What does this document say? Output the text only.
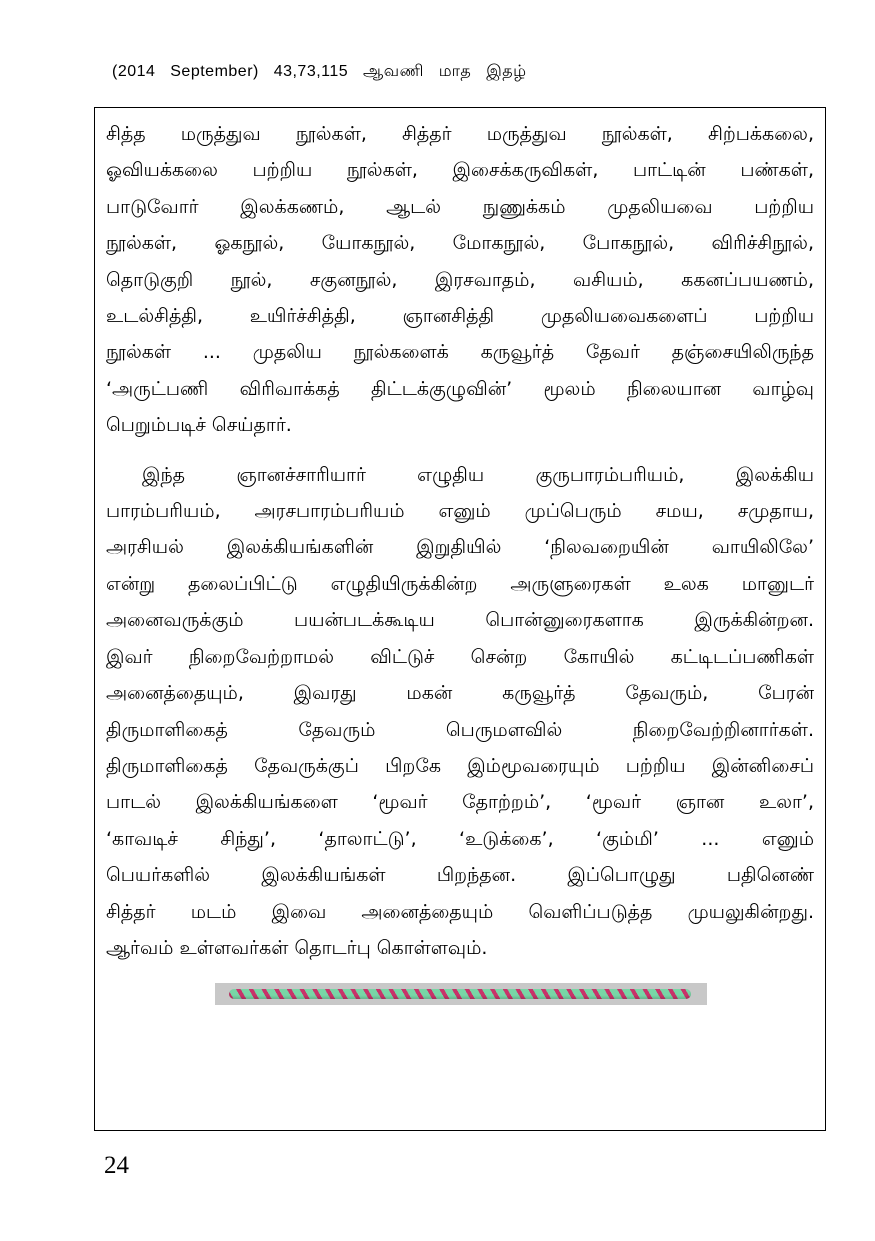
(2014   September)   43,73,115   ஆவணி   மாத   இதழ்

சித்த மருத்துவ நூல்கள், சித்தர் மருத்துவ நூல்கள், சிற்பக்கலை,

ஓவியக்கலை பற்றிய நூல்கள், இசைக்கருவிகள், பாட்டின் பண்கள்,

பாடுவோர் இலக்கணம், ஆடல் நுணுக்கம் முதலியவை பற்றிய

நூல்கள், ஓகநூல், யோகநூல், மோகநூல், போகநூல், விரிச்சிநூல்,

தொடுகுறி நூல், சகுனநூல், இரசவாதம், வசியம், ககனப்பயணம்,

உடல்சித்தி, உயிர்ச்சித்தி, ஞானசித்தி முதலியவைகளைப் பற்றிய

நூல்கள் ... முதலிய நூல்களைக் கருவூர்த் தேவர் தஞ்சையிலிருந்த

‘அருட்பணி விரிவாக்கத் திட்டக்குழுவின்’ மூலம் நிலையான வாழ்வு

பெறும்படிச் செய்தார்.

இந்த ஞானச்சாரியார் எழுதிய குருபாரம்பரியம், இலக்கிய

பாரம்பரியம், அரசபாரம்பரியம் எனும் முப்பெரும் சமய, சமுதாய,

அரசியல் இலக்கியங்களின் இறுதியில் ‘நிலவறையின் வாயிலிலே’

என்று தலைப்பிட்டு எழுதியிருக்கின்ற அருளுரைகள் உலக மானுடர்

அனைவருக்கும் பயன்படக்கூடிய பொன்னுரைகளாக இருக்கின்றன.

இவர் நிறைவேற்றாமல் விட்டுச் சென்ற கோயில் கட்டிடப்பணிகள்

அனைத்தையும், இவரது மகன் கருவூர்த் தேவரும், பேரன்

திருமாளிகைத் தேவரும் பெருமளவில் நிறைவேற்றினார்கள்.

திருமாளிகைத் தேவருக்குப் பிறகே இம்மூவரையும் பற்றிய இன்னிசைப்

பாடல் இலக்கியங்களை ‘மூவர் தோற்றம்’, ‘மூவர் ஞான உலா’,

‘காவடிச் சிந்து’, ‘தாலாட்டு’, ‘உடுக்கை’, ‘கும்மி’ ... எனும்

பெயர்களில் இலக்கியங்கள் பிறந்தன. இப்பொழுது பதினெண்

சித்தர் மடம் இவை அனைத்தையும் வெளிப்படுத்த முயலுகின்றது.

ஆர்வம் உள்ளவர்கள் தொடர்பு கொள்ளவும்.

24
